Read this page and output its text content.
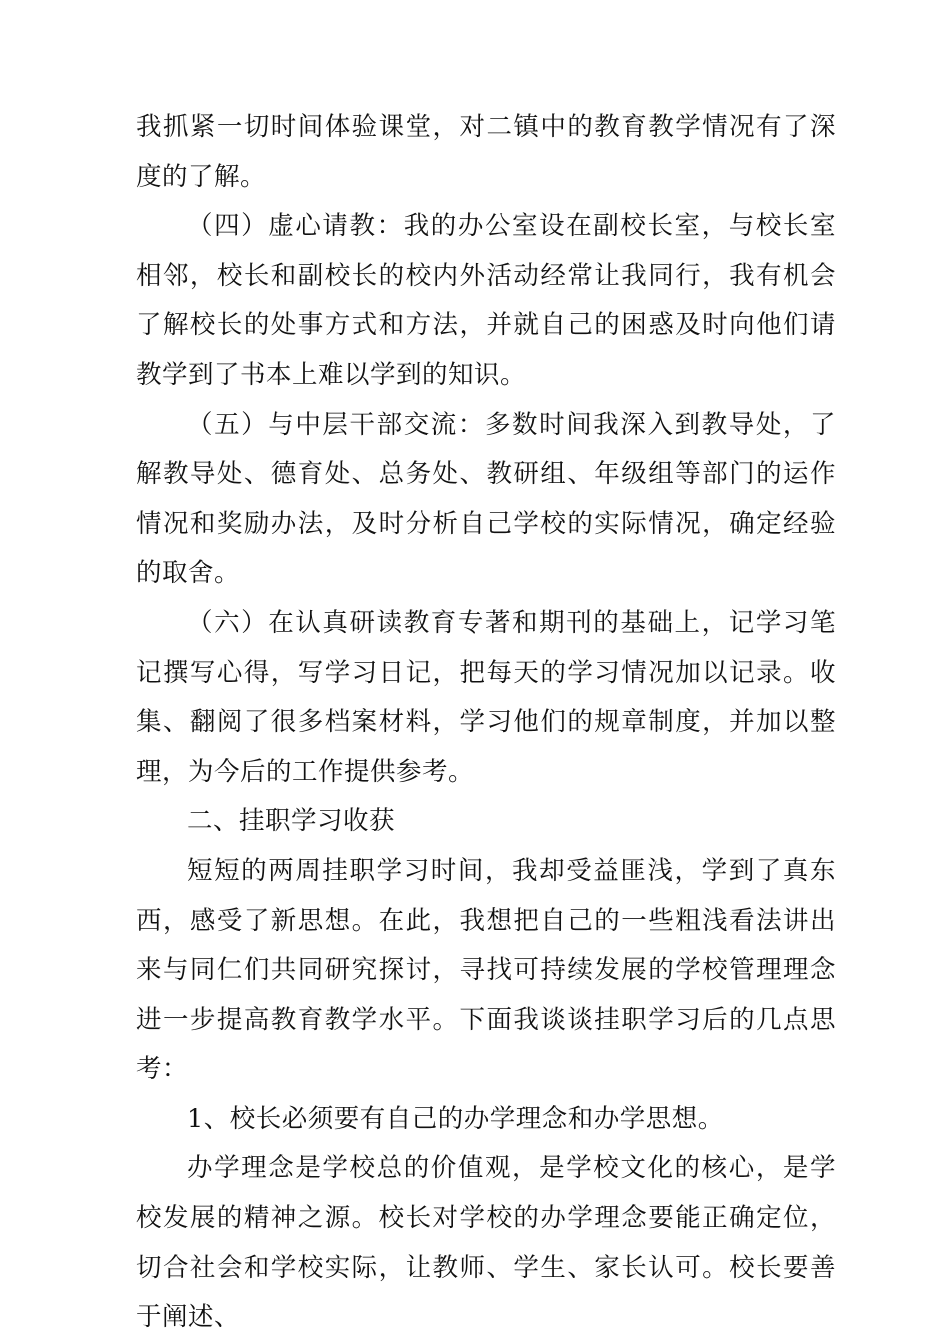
我抓紧一切时间体验课堂，对二镇中的教育教学情况有了深度的了解。

（四）虚心请教：我的办公室设在副校长室，与校长室相邻，校长和副校长的校内外活动经常让我同行，我有机会了解校长的处事方式和方法，并就自己的困惑及时向他们请教学到了书本上难以学到的知识。

（五）与中层干部交流：多数时间我深入到教导处，了解教导处、德育处、总务处、教研组、年级组等部门的运作情况和奖励办法，及时分析自己学校的实际情况，确定经验的取舍。

（六）在认真研读教育专著和期刊的基础上，记学习笔记撰写心得，写学习日记，把每天的学习情况加以记录。收集、翻阅了很多档案材料，学习他们的规章制度，并加以整理，为今后的工作提供参考。

二、挂职学习收获

短短的两周挂职学习时间，我却受益匪浅，学到了真东西，感受了新思想。在此，我想把自己的一些粗浅看法讲出来与同仁们共同研究探讨，寻找可持续发展的学校管理理念进一步提高教育教学水平。下面我谈谈挂职学习后的几点思考：

1、校长必须要有自己的办学理念和办学思想。

办学理念是学校总的价值观，是学校文化的核心，是学校发展的精神之源。校长对学校的办学理念要能正确定位，切合社会和学校实际，让教师、学生、家长认可。校长要善于阐述、
